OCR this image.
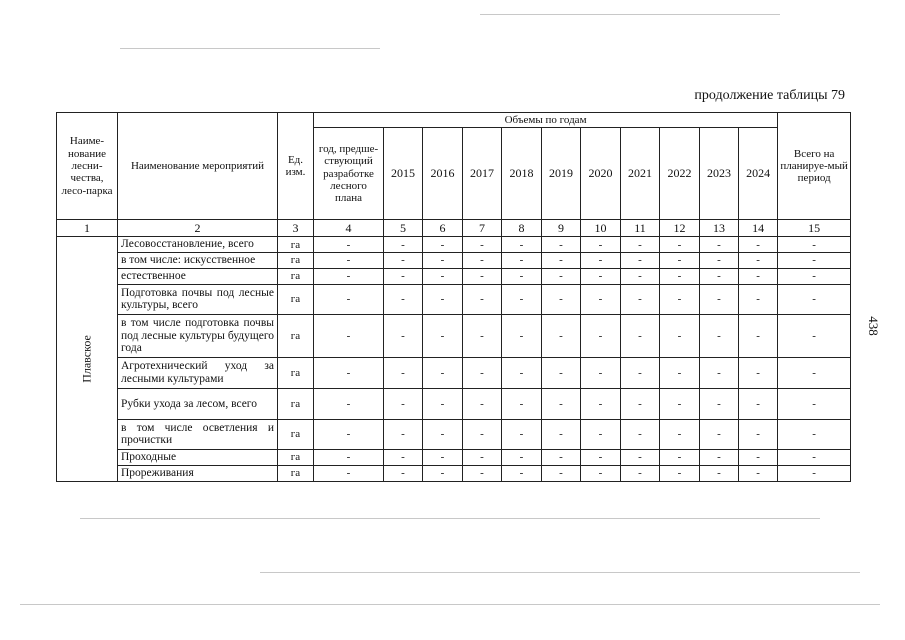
продолжение таблицы 79
438
Наиме-нование лесни-чества, лесо-парка	Наименование мероприятий	Ед. изм.	Объемы по годам											Всего на планируе-мый период
			год, предше-ствующий разработке лесного плана	2015	2016	2017	2018	2019	2020	2021	2022	2023	2024	
1	2	3	4	5	6	7	8	9	10	11	12	13	14	15

Плавское	Лесовосстановление, всего	га	-	-	-	-	-	-	-	-	-	-	-	-
	в том числе: искусственное	га	-	-	-	-	-	-	-	-	-	-	-	-
	естественное	га	-	-	-	-	-	-	-	-	-	-	-	-
	Подготовка почвы под лесные культуры, всего	га	-	-	-	-	-	-	-	-	-	-	-	-
	в том числе подготовка почвы под лесные культуры будущего года	га	-	-	-	-	-	-	-	-	-	-	-	-
	Агротехнический уход за лесными культурами	га	-	-	-	-	-	-	-	-	-	-	-	-
	Рубки ухода за лесом, всего	га	-	-	-	-	-	-	-	-	-	-	-	-
	в том числе осветления и прочистки	га	-	-	-	-	-	-	-	-	-	-	-	-
	Проходные	га	-	-	-	-	-	-	-	-	-	-	-	-
	Прореживания	га	-	-	-	-	-	-	-	-	-	-	-	-
